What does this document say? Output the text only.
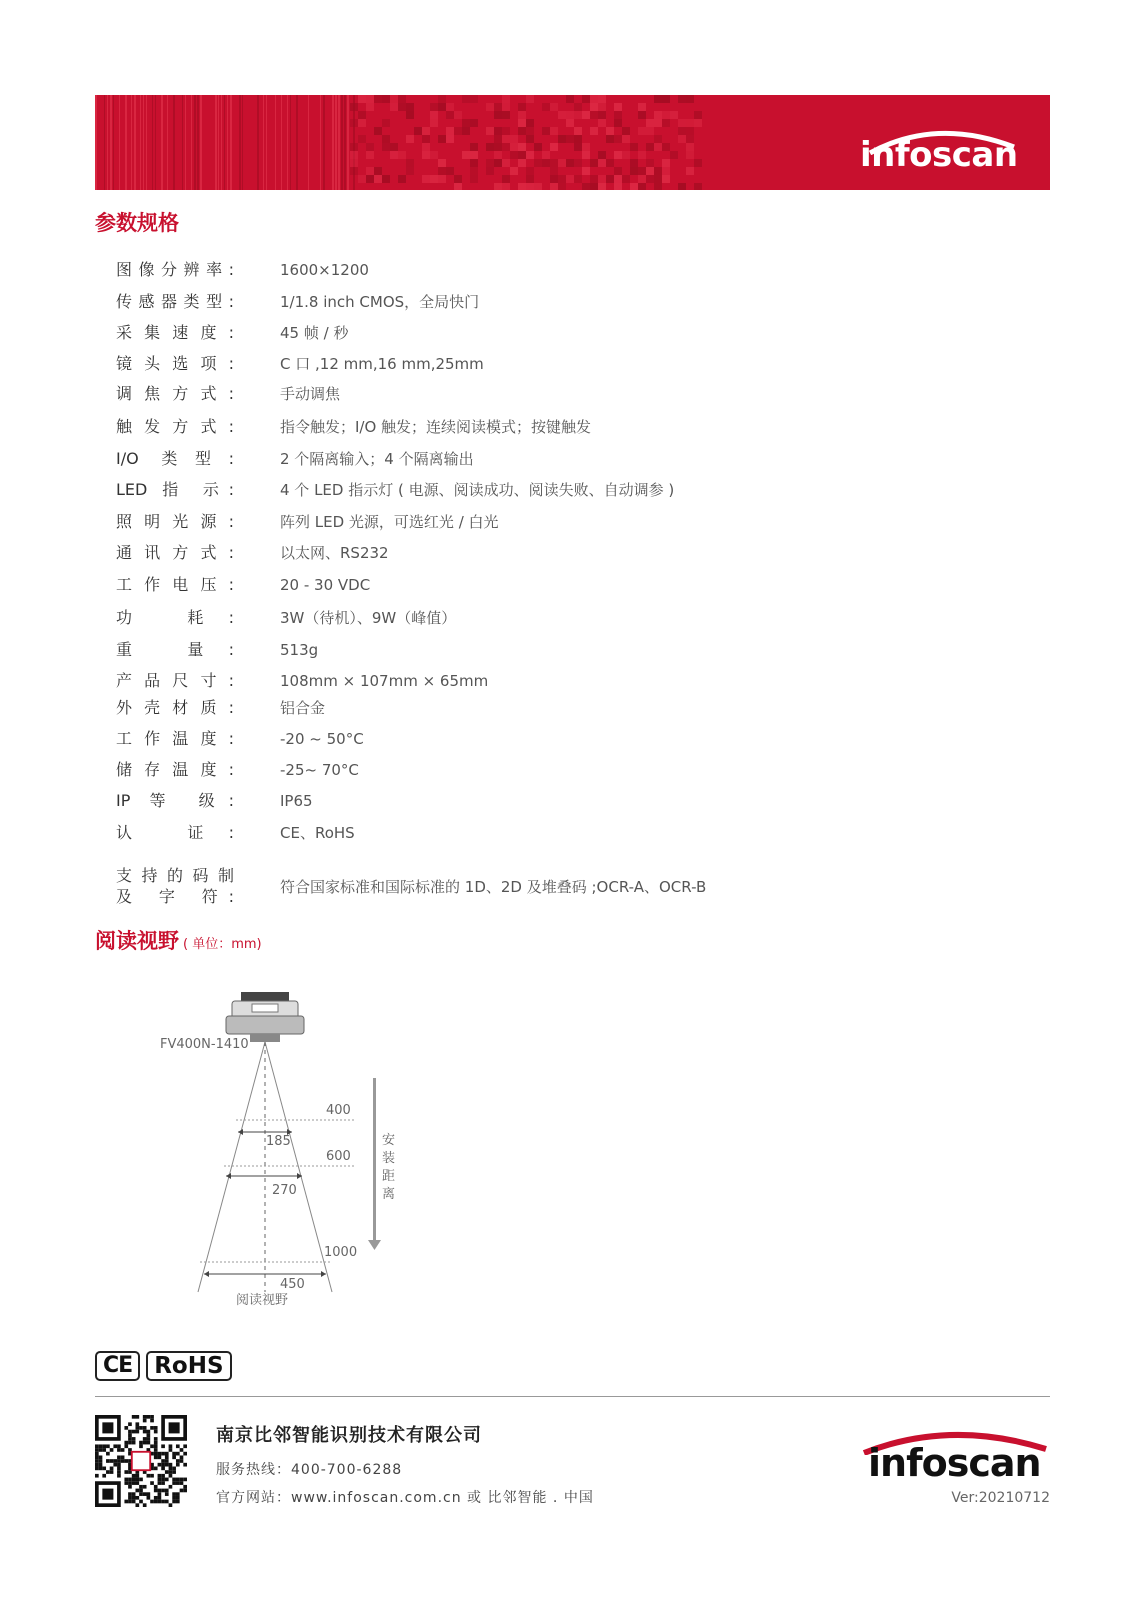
infoscan
参数规格
图像分辨率:	1600×1200
传感器类型:	1/1.8 inch CMOS，全局快门
采集速度:	45 帧 / 秒
镜头选项:	C 口 ,12 mm,16 mm,25mm
调焦方式:	手动调焦
触发方式:	指令触发；I/O 触发；连续阅读模式；按键触发
I/O 类型:	2 个隔离输入；4 个隔离输出
LED 指 示:	4 个 LED 指示灯 ( 电源、阅读成功、阅读失败、自动调参 )
照明光源:	阵列 LED 光源，可选红光 / 白光
通讯方式:	以太网、RS232
工作电压:	20 - 30 VDC
功 耗:	3W（待机）、9W（峰值）
重 量:	513g
产品尺寸:	108mm × 107mm × 65mm
外壳材质:	铝合金
工作温度:	-20 ~ 50°C
储存温度:	-25~ 70°C
IP 等 级:	IP65
认 证:	CE、RoHS
支持的码制
及 字 符:	符合国家标准和国际标准的 1D、2D 及堆叠码 ;OCR-A、OCR-B
阅读视野 ( 单位：mm)
FV400N-1410
400
600
1000
185
270
450
阅读视野
安
装
距
离
CE RoHS
南京比邻智能识别技术有限公司
服务热线：400-700-6288
官方网站：www.infoscan.com.cn 或 比邻智能 . 中国
infoscan
Ver:20210712
